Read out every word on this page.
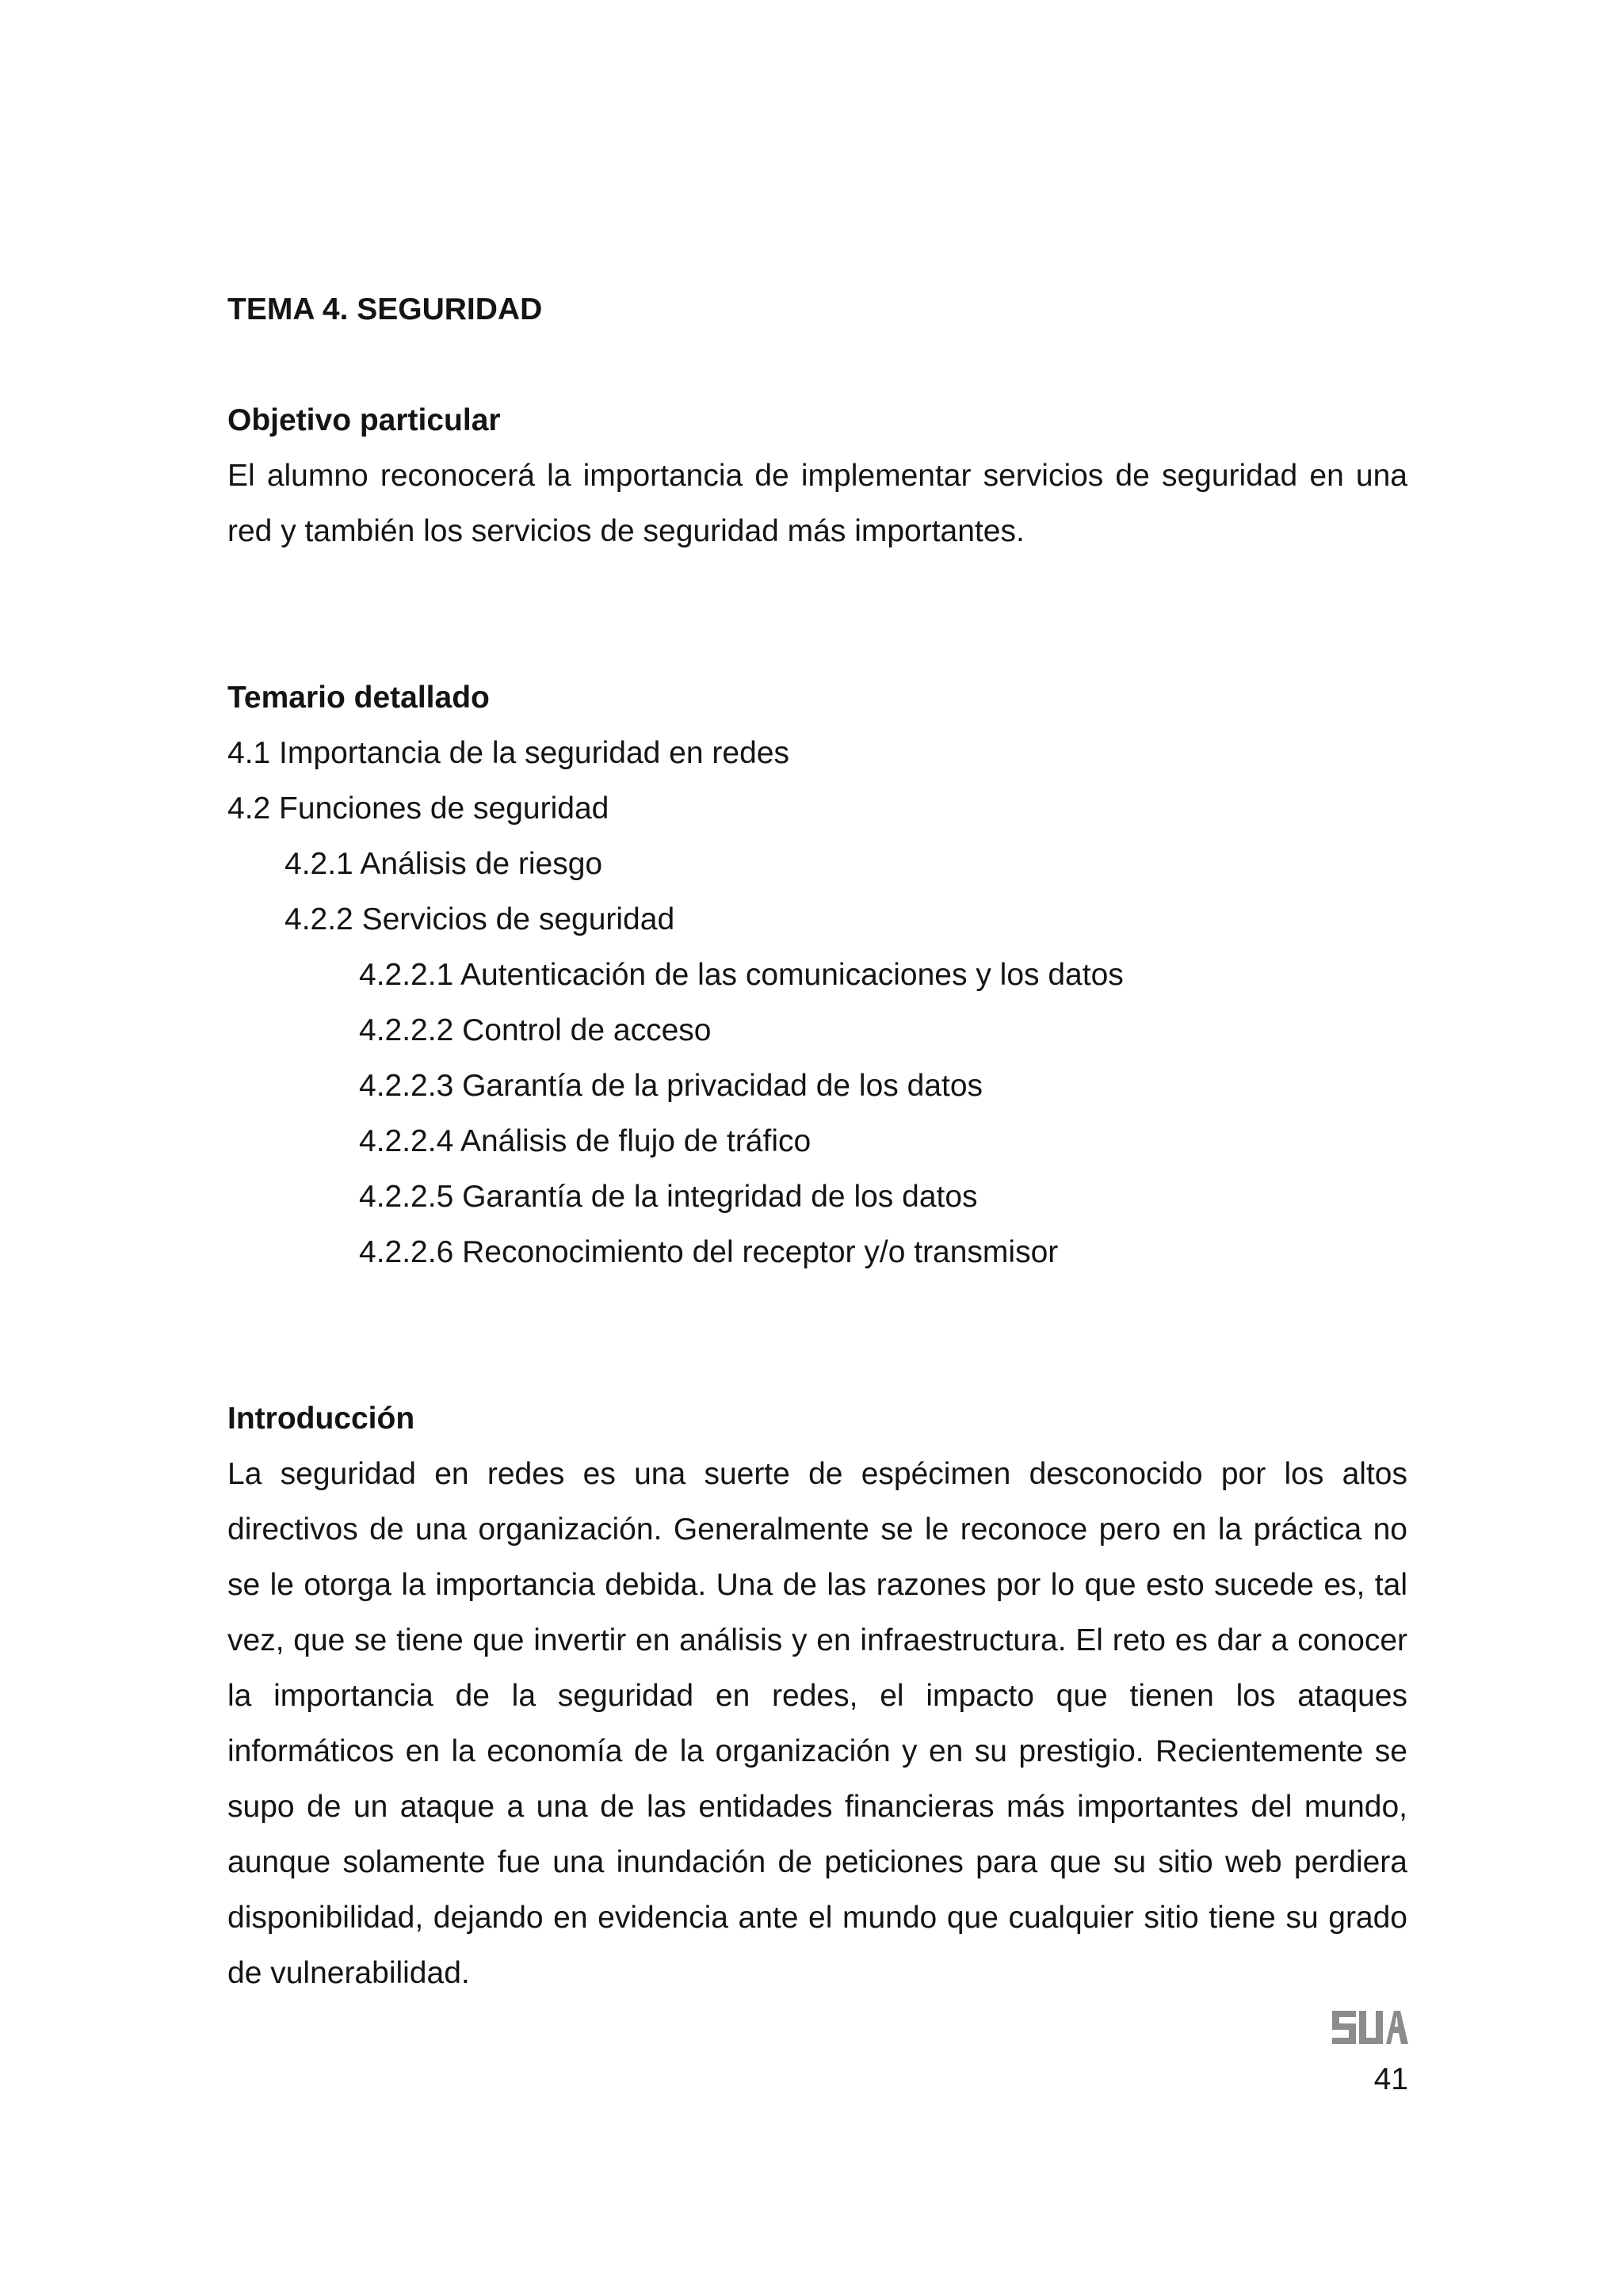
TEMA 4. SEGURIDAD
Objetivo particular

El alumno reconocerá la importancia de implementar servicios de seguridad en una red y también los servicios de seguridad más importantes.

Temario detallado
4.1 Importancia de la seguridad en redes
4.2 Funciones de seguridad
4.2.1 Análisis de riesgo
4.2.2 Servicios de seguridad
4.2.2.1 Autenticación de las comunicaciones y los datos
4.2.2.2 Control de acceso
4.2.2.3 Garantía de la privacidad de los datos
4.2.2.4 Análisis de flujo de tráfico
4.2.2.5 Garantía de la integridad de los datos
4.2.2.6 Reconocimiento del receptor y/o transmisor
Introducción

La seguridad en redes es una suerte de espécimen desconocido por los altos directivos de una organización. Generalmente se le reconoce pero en la práctica no se le otorga la importancia debida. Una de las razones por lo que esto sucede es, tal vez, que se tiene que invertir en análisis y en infraestructura. El reto es dar a conocer la importancia de la seguridad en redes, el impacto que tienen los ataques informáticos en la economía de la organización y en su prestigio. Recientemente se supo de un ataque a una de las entidades financieras más importantes del mundo, aunque solamente fue una inundación de peticiones para que su sitio web perdiera disponibilidad, dejando en evidencia ante el mundo que cualquier sitio tiene su grado de vulnerabilidad.

41
